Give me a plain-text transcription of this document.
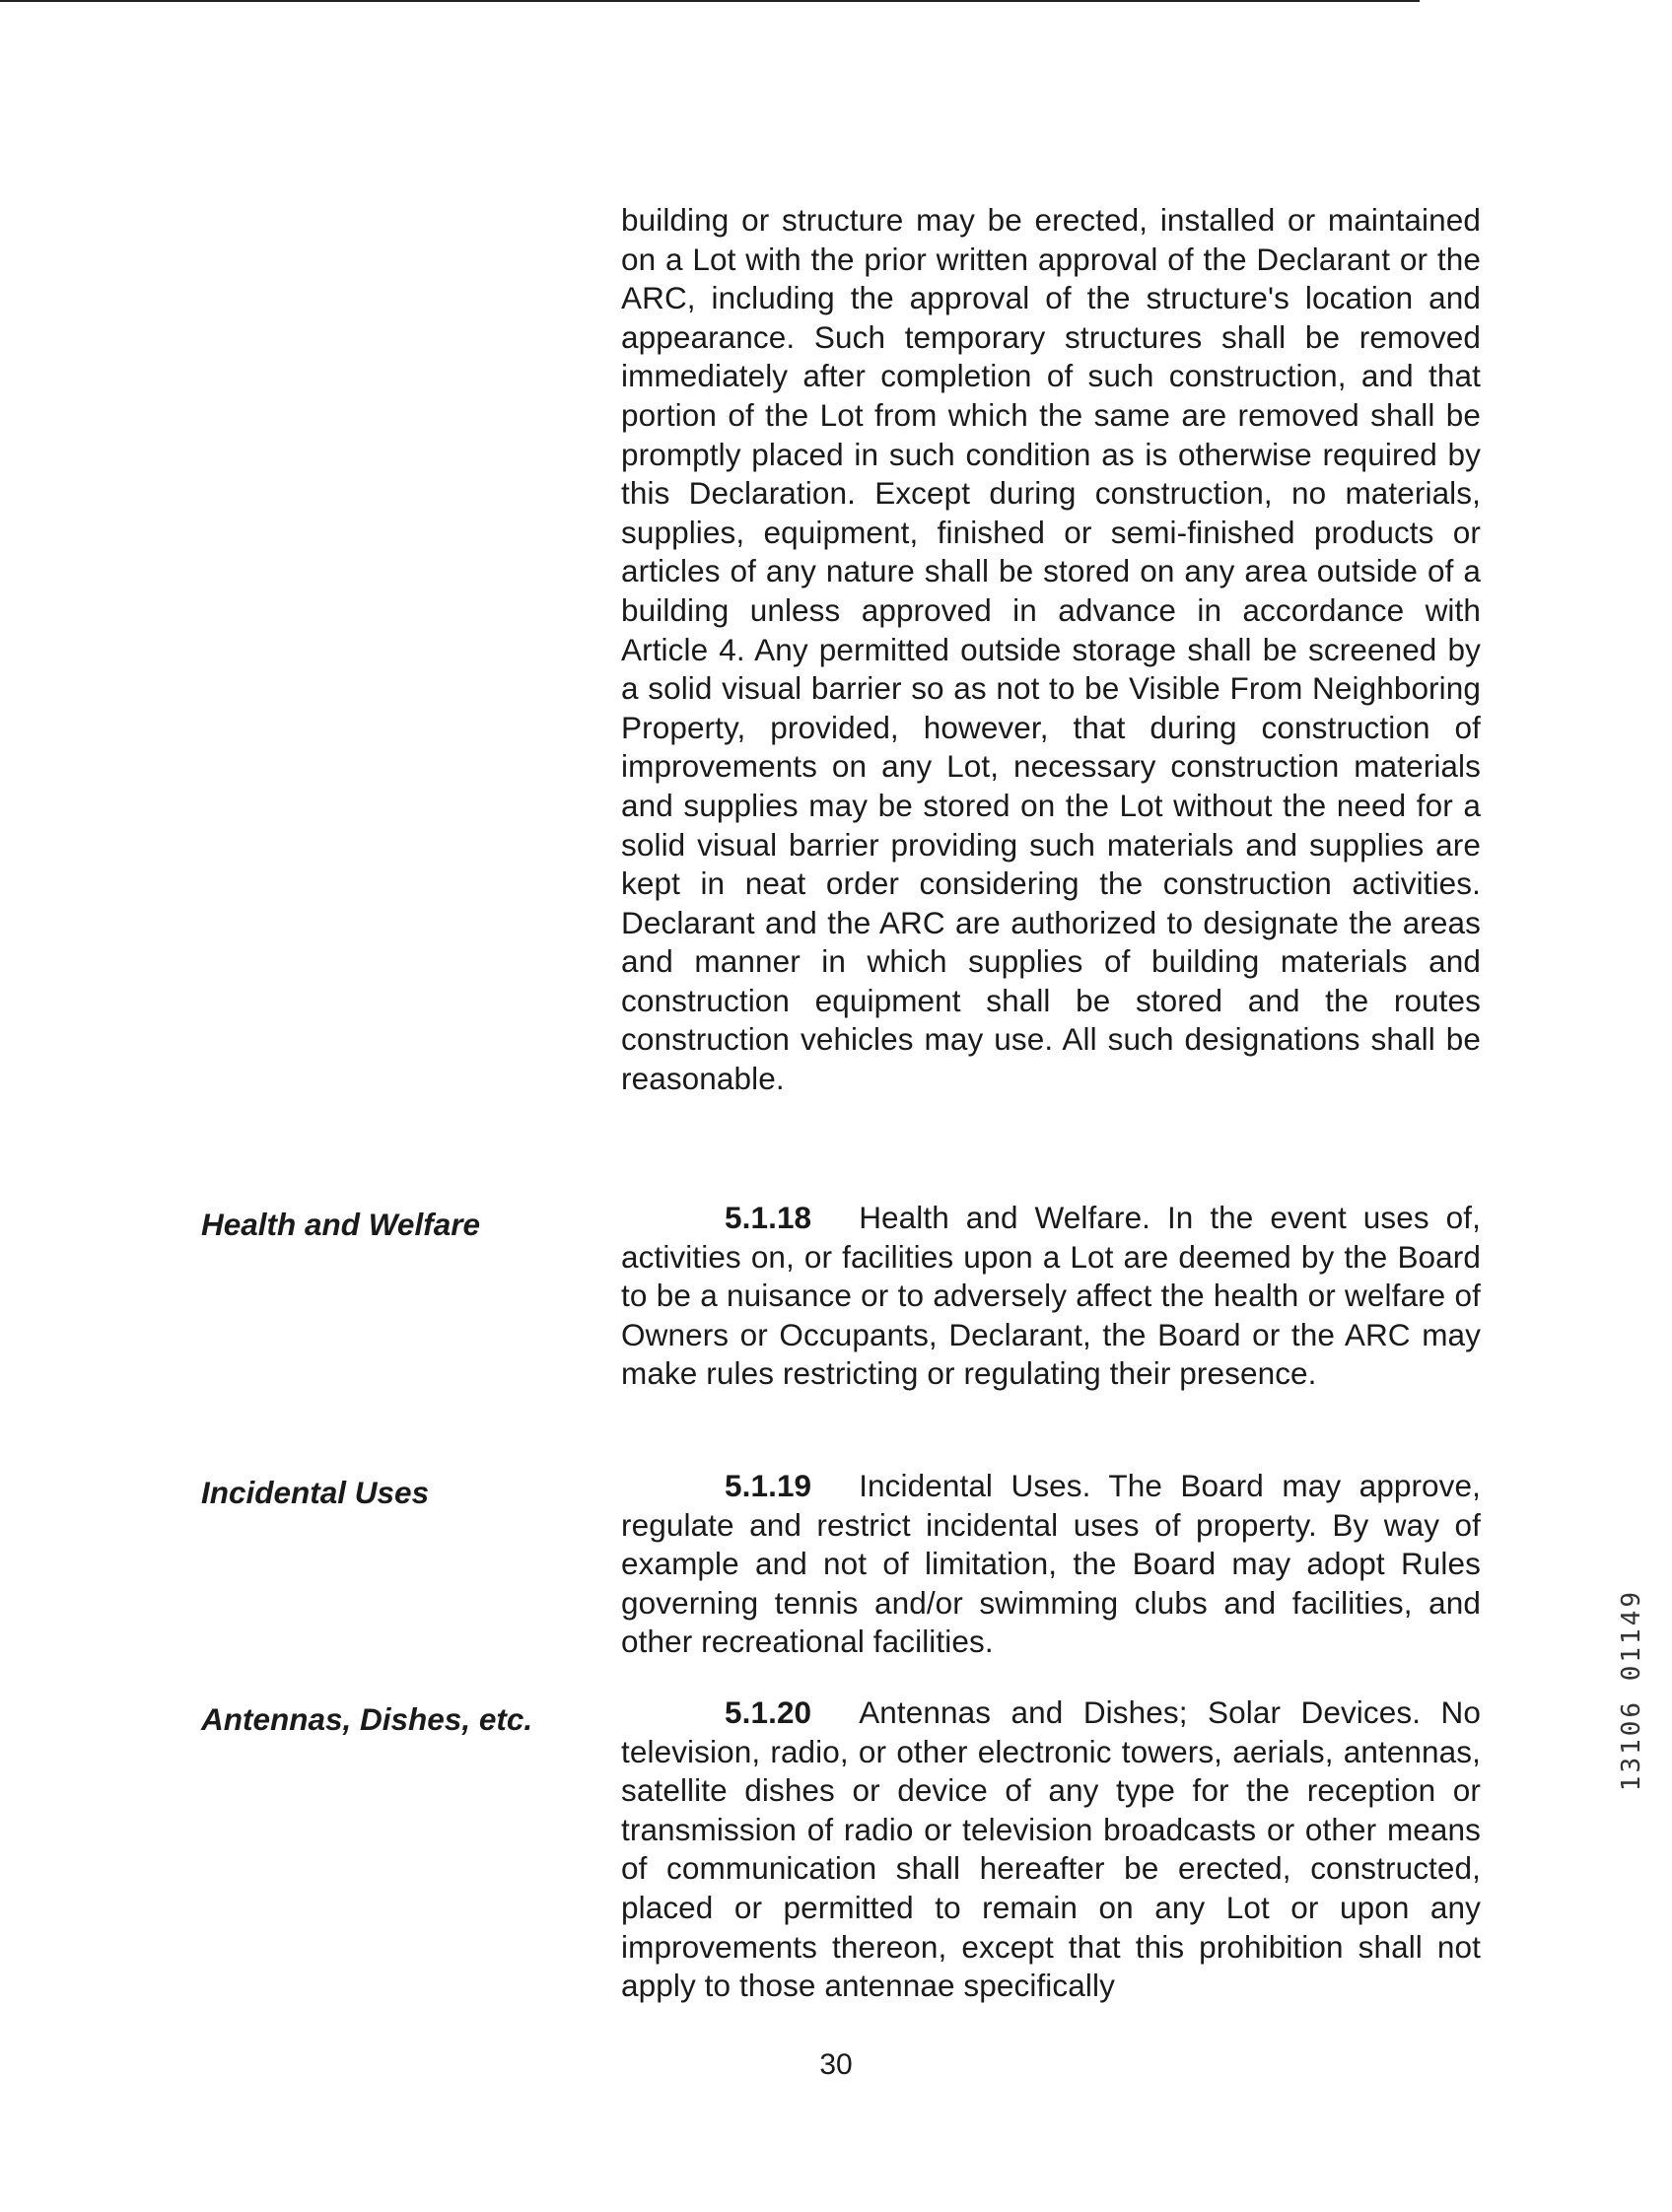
building or structure may be erected, installed or maintained on a Lot with the prior written approval of the Declarant or the ARC, including the approval of the structure's location and appearance. Such temporary structures shall be removed immediately after completion of such construction, and that portion of the Lot from which the same are removed shall be promptly placed in such condition as is otherwise required by this Declaration. Except during construction, no materials, supplies, equipment, finished or semi-finished products or articles of any nature shall be stored on any area outside of a building unless approved in advance in accordance with Article 4. Any permitted outside storage shall be screened by a solid visual barrier so as not to be Visible From Neighboring Property, provided, however, that during construction of improvements on any Lot, necessary construction materials and supplies may be stored on the Lot without the need for a solid visual barrier providing such materials and supplies are kept in neat order considering the construction activities. Declarant and the ARC are authorized to designate the areas and manner in which supplies of building materials and construction equipment shall be stored and the routes construction vehicles may use. All such designations shall be reasonable.

Health and Welfare	5.1.18 Health and Welfare. In the event uses of, activities on, or facilities upon a Lot are deemed by the Board to be a nuisance or to adversely affect the health or welfare of Owners or Occupants, Declarant, the Board or the ARC may make rules restricting or regulating their presence.

Incidental Uses	5.1.19 Incidental Uses. The Board may approve, regulate and restrict incidental uses of property. By way of example and not of limitation, the Board may adopt Rules governing tennis and/or swimming clubs and facilities, and other recreational facilities.

Antennas, Dishes, etc.	5.1.20 Antennas and Dishes; Solar Devices. No television, radio, or other electronic towers, aerials, antennas, satellite dishes or device of any type for the reception or transmission of radio or television broadcasts or other means of communication shall hereafter be erected, constructed, placed or permitted to remain on any Lot or upon any improvements thereon, except that this prohibition shall not apply to those antennae specifically

30
13106 01149
